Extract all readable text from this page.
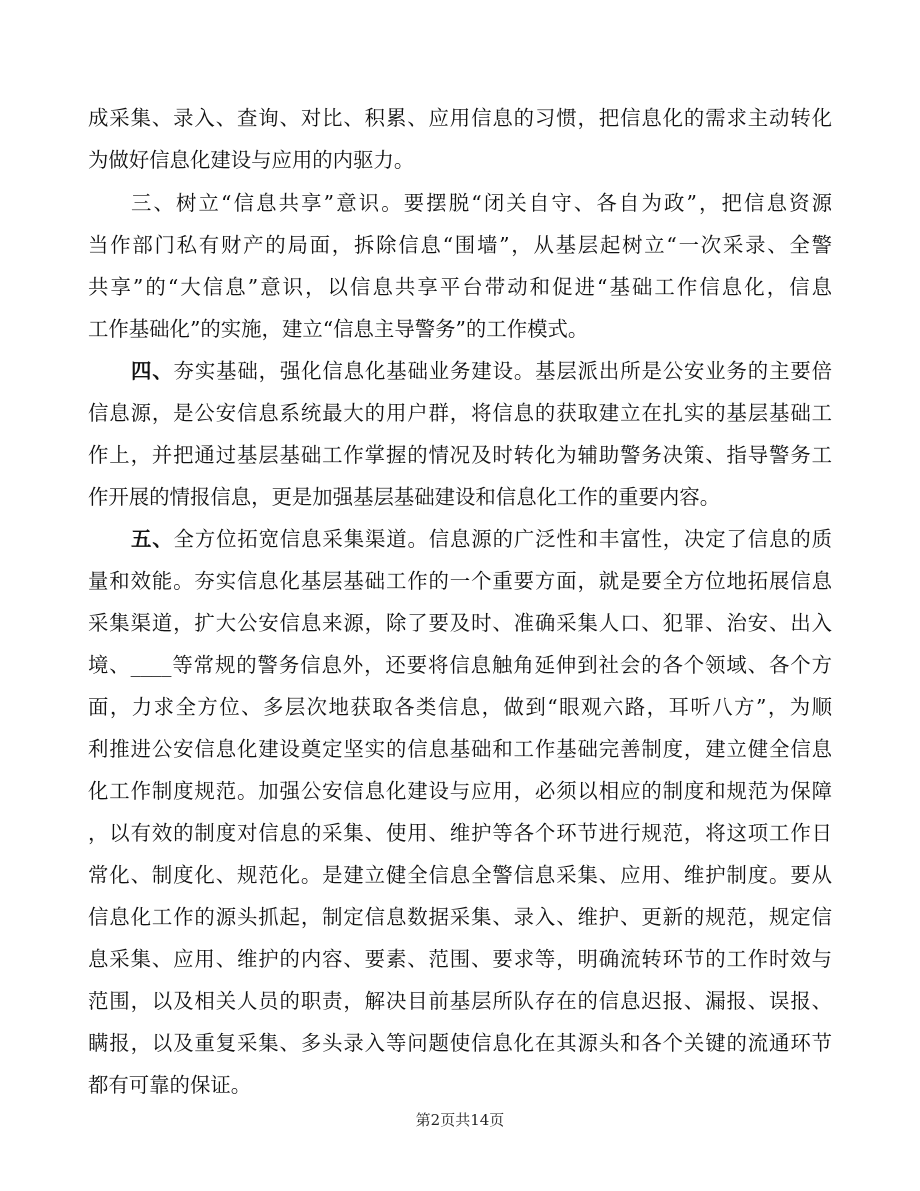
成采集、录入、查询、对比、积累、应用信息的习惯，把信息化的需求主动转化
为做好信息化建设与应用的内驱力。
三、树立“信息共享”意识。要摆脱“闭关自守、各自为政”，把信息资源
当作部门私有财产的局面，拆除信息“围墙”，从基层起树立“一次采录、全警
共享”的“大信息”意识，以信息共享平台带动和促进“基础工作信息化，信息
工作基础化”的实施，建立“信息主导警务”的工作模式。
四、夯实基础，强化信息化基础业务建设。基层派出所是公安业务的主要倍
信息源，是公安信息系统最大的用户群，将信息的获取建立在扎实的基层基础工
作上，并把通过基层基础工作掌握的情况及时转化为辅助警务决策、指导警务工
作开展的情报信息，更是加强基层基础建设和信息化工作的重要内容。
五、全方位拓宽信息采集渠道。信息源的广泛性和丰富性，决定了信息的质
量和效能。夯实信息化基层基础工作的一个重要方面，就是要全方位地拓展信息
采集渠道，扩大公安信息来源，除了要及时、准确采集人口、犯罪、治安、出入
境、____等常规的警务信息外，还要将信息触角延伸到社会的各个领域、各个方
面，力求全方位、多层次地获取各类信息，做到“眼观六路，耳听八方”，为顺
利推进公安信息化建设奠定坚实的信息基础和工作基础完善制度，建立健全信息
化工作制度规范。加强公安信息化建设与应用，必须以相应的制度和规范为保障
，以有效的制度对信息的采集、使用、维护等各个环节进行规范，将这项工作日
常化、制度化、规范化。是建立健全信息全警信息采集、应用、维护制度。要从
信息化工作的源头抓起，制定信息数据采集、录入、维护、更新的规范，规定信
息采集、应用、维护的内容、要素、范围、要求等，明确流转环节的工作时效与
范围，以及相关人员的职责，解决目前基层所队存在的信息迟报、漏报、误报、
瞒报，以及重复采集、多头录入等问题使信息化在其源头和各个关键的流通环节
都有可靠的保证。
第2页共14页
